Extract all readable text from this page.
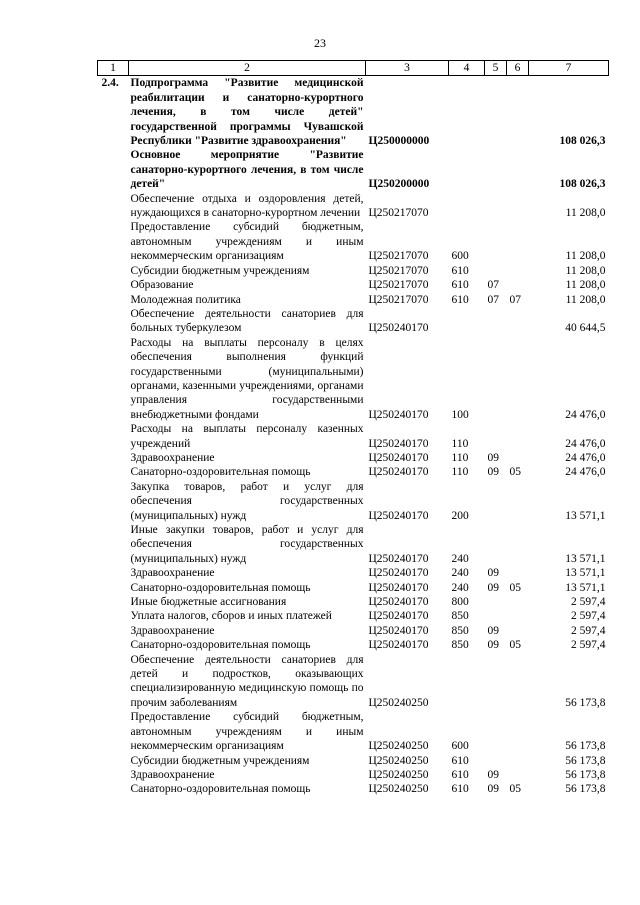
23
1	2	3	4	5	6	7
2.4.	Подпрограмма "Развитие медицинской реабилитации и санаторно-курортного лечения, в том числе детей" государственной программы Чувашской Республики "Развитие здравоохранения"	Ц250000000				108 026,3
	Основное мероприятие "Развитие санаторно-курортного лечения, в том числе детей"	Ц250200000				108 026,3
	Обеспечение отдыха и оздоровления детей, нуждающихся в санаторно-курортном лечении	Ц250217070				11 208,0
	Предоставление субсидий бюджетным, автономным учреждениям и иным некоммерческим организациям	Ц250217070	600			11 208,0
	Субсидии бюджетным учреждениям	Ц250217070	610			11 208,0
	Образование	Ц250217070	610	07		11 208,0
	Молодежная политика	Ц250217070	610	07	07	11 208,0
	Обеспечение деятельности санаториев для больных туберкулезом	Ц250240170				40 644,5
	Расходы на выплаты персоналу в целях обеспечения выполнения функций государственными (муниципальными) органами, казенными учреждениями, органами управления государственными внебюджетными фондами	Ц250240170	100			24 476,0
	Расходы на выплаты персоналу казенных учреждений	Ц250240170	110			24 476,0
	Здравоохранение	Ц250240170	110	09		24 476,0
	Санаторно-оздоровительная помощь	Ц250240170	110	09	05	24 476,0
	Закупка товаров, работ и услуг для обеспечения государственных (муниципальных) нужд	Ц250240170	200			13 571,1
	Иные закупки товаров, работ и услуг для обеспечения государственных (муниципальных) нужд	Ц250240170	240			13 571,1
	Здравоохранение	Ц250240170	240	09		13 571,1
	Санаторно-оздоровительная помощь	Ц250240170	240	09	05	13 571,1
	Иные бюджетные ассигнования	Ц250240170	800			2 597,4
	Уплата налогов, сборов и иных платежей	Ц250240170	850			2 597,4
	Здравоохранение	Ц250240170	850	09		2 597,4
	Санаторно-оздоровительная помощь	Ц250240170	850	09	05	2 597,4
	Обеспечение деятельности санаториев для детей и подростков, оказывающих специализированную медицинскую помощь по прочим заболеваниям	Ц250240250				56 173,8
	Предоставление субсидий бюджетным, автономным учреждениям и иным некоммерческим организациям	Ц250240250	600			56 173,8
	Субсидии бюджетным учреждениям	Ц250240250	610			56 173,8
	Здравоохранение	Ц250240250	610	09		56 173,8
	Санаторно-оздоровительная помощь	Ц250240250	610	09	05	56 173,8
